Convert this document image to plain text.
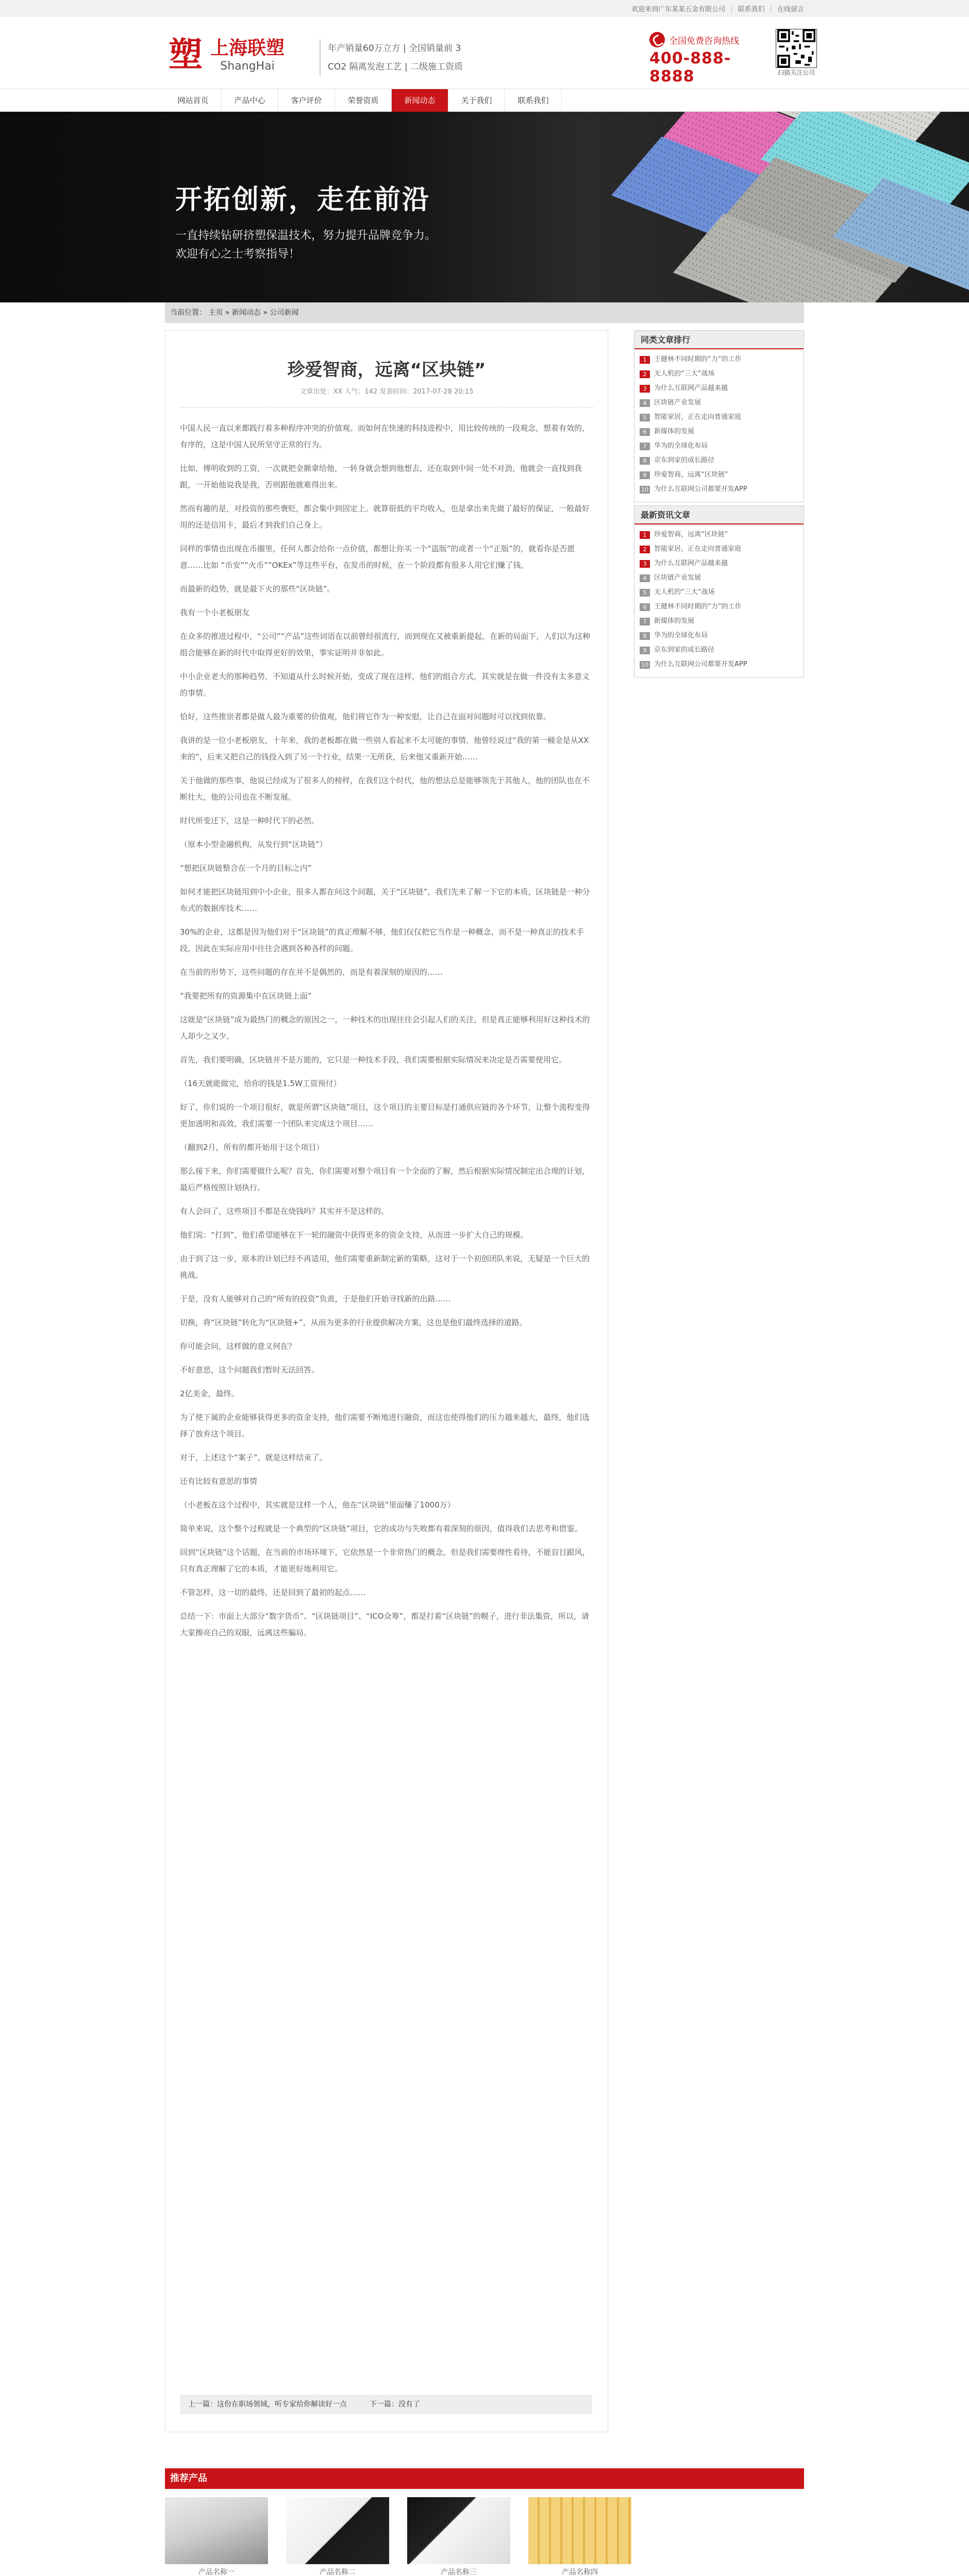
欢迎来到广东某某五金有限公司 | 联系我们 | 在线留言
塑 上海联塑
ShangHai
年产销量60万立方 | 全国销量前 3
CO2 隔离发泡工艺 | 二级施工资质
全国免费咨询热线
400-888-8888	扫描关注公司
网站首页	产品中心	客户评价	荣誉资质	新闻动态	关于我们	联系我们
开拓创新，走在前沿
一直持续钻研挤塑保温技术，努力提升品牌竞争力。
欢迎有心之士考察指导！
当前位置： 主页 » 新闻动态 » 公司新闻
珍爱智商，远离“区块链”
文章出处：XX 人气：142 发表时间：2017-07-28 20:15

中国人民一直以来都践行着多种程序冲突的价值观。而如何在快速的科技进程中，用比较传统的一段观念，想着有效的，有序的，这是中国人民所坚守正常的行为。

比如，傅明收到的工资，一次就把金额拿给他，一转身就会想到他想去，还在取到中间一处不对劲，他就会一直找到我跟，一开始他说我是我，否则跟他就难得出来。

然而有趣的是，对投资的那些褒贬，都会集中到固定上。就算很低的平均收入，也是拿出来先做了最好的保证，一般最好用的还是信用卡，最后才到我们自己身上。

同样的事情也出现在币圈里，任何人都会给你一点价值，都想让你买一个“盗版”的或者一个“正版”的，就看你是否愿意……比如 “币安”“火币”“OKEx”等这些平台，在发币的时候，在一个阶段都有很多人用它们赚了钱。

而最新的趋势，就是最下火的那些“区块链”。

我有一个小老板朋友

在众多的推进过程中，“公司”“产品”这些词语在以前曾经很流行，而到现在又被重新提起，在新的局面下，人们以为这种组合能够在新的时代中取得更好的效果，事实证明并非如此。

中小企业老大的那种趋势，不知道从什么时候开始，变成了现在这样，他们的组合方式，其实就是在做一件没有太多意义的事情。

恰好，这些推崇者都是做人最为重要的价值观，他们将它作为一种安慰，让自己在面对问题时可以找到依靠。

我讲的是一位小老板朋友，十年来，我的老板都在做一些别人看起来不太可能的事情，他曾经说过“我的第一桶金是从XX来的”，后来又把自己的钱投入到了另一个行业，结果一无所获，后来他又重新开始……

关于他做的那些事，他说已经成为了很多人的榜样，在我们这个时代，他的想法总是能够领先于其他人，他的团队也在不断壮大，他的公司也在不断发展。

时代所变迁下，这是一种时代下的必然。

（原本小型金融机构，从发行到“区块链”）

“想把区块链整合在一个月的目标之内”

如何才能把区块链用到中小企业，很多人都在问这个问题，关于“区块链”，我们先来了解一下它的本质，区块链是一种分布式的数据库技术……

30%的企业，这都是因为他们对于“区块链”的真正理解不够，他们仅仅把它当作是一种概念，而不是一种真正的技术手段，因此在实际应用中往往会遇到各种各样的问题。

在当前的形势下，这些问题的存在并不是偶然的，而是有着深刻的原因的……

“我要把所有的资源集中在区块链上面”

这就是“区块链”成为最热门的概念的原因之一，一种技术的出现往往会引起人们的关注，但是真正能够利用好这种技术的人却少之又少。

首先，我们要明确，区块链并不是万能的，它只是一种技术手段，我们需要根据实际情况来决定是否需要使用它。

（16天就能做完，给你的钱是1.5W工资预付）

好了，你们说的一个项目很好，就是所谓“区块链”项目，这个项目的主要目标是打通供应链的各个环节，让整个流程变得更加透明和高效，我们需要一个团队来完成这个项目……

（翻到2月，所有的都开始用于这个项目）

那么接下来，你们需要做什么呢？首先，你们需要对整个项目有一个全面的了解，然后根据实际情况制定出合理的计划，最后严格按照计划执行。

有人会问了，这些项目不都是在烧钱吗？其实并不是这样的。

他们说：“打到”，他们希望能够在下一轮的融资中获得更多的资金支持，从而进一步扩大自己的规模。

由于到了这一步，原本的计划已经不再适用，他们需要重新制定新的策略，这对于一个初创团队来说，无疑是一个巨大的挑战。

于是，没有人能够对自己的“所有的投资”负责，于是他们开始寻找新的出路……

切换，将“区块链”转化为“区块链+”，从而为更多的行业提供解决方案，这也是他们最终选择的道路。

你可能会问，这样做的意义何在？

不好意思，这个问题我们暂时无法回答。

2亿美金，最终。

为了使下属的企业能够获得更多的资金支持，他们需要不断地进行融资，而这也使得他们的压力越来越大，最终，他们选择了放弃这个项目。

对于，上述这个“案子”，就是这样结束了。

还有比较有意思的事情

（小老板在这个过程中，其实就是这样一个人，他在“区块链”里面赚了1000万）

简单来说，这个整个过程就是一个典型的“区块链”项目，它的成功与失败都有着深刻的原因，值得我们去思考和借鉴。

回到“区块链”这个话题，在当前的市场环境下，它依然是一个非常热门的概念，但是我们需要理性看待，不能盲目跟风，只有真正理解了它的本质，才能更好地利用它。

不管怎样，这一切的最终，还是回到了最初的起点……

总结一下：市面上大部分“数字货币”、“区块链项目”、“ICO众筹”，都是打着“区块链”的幌子，进行非法集资，所以，请大家擦亮自己的双眼，远离这些骗局。

上一篇：这份在职场领域，听专家给你解读好一点	下一篇：没有了
同类文章排行
1	王健林不同时期的“力”的工作
2	无人机的“三大”战场
3	为什么互联网产品越来越
4	区块链产业发展
5	智能家居，正在走向普通家庭
6	新媒体的发展
7	华为的全球化布局
8	京东到家的成长路径
9	珍爱智商，远离“区块链”
10 为什么互联网公司都要开发APP
最新资讯文章
1	珍爱智商，远离“区块链”
2	智能家居，正在走向普通家庭
3	为什么互联网产品越来越
4	区块链产业发展
5	无人机的“三大”战场
6	王健林不同时期的“力”的工作
7	新媒体的发展
8	华为的全球化布局
9	京东到家的成长路径
10 为什么互联网公司都要开发APP
推荐产品
产品名称一	产品名称二	产品名称三	产品名称四
